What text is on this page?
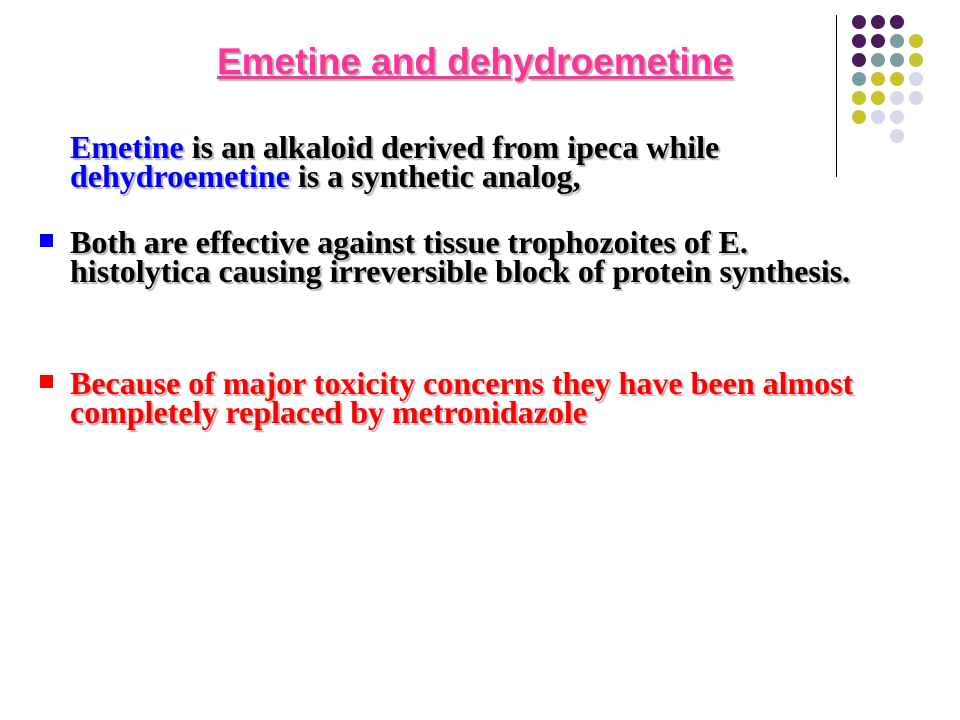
Emetine and dehydroemetine
Emetine is an alkaloid derived from ipeca while dehydroemetine is a synthetic analog,
Both are effective against tissue trophozoites of E. histolytica causing irreversible block of protein synthesis.
Because of major toxicity concerns they have been almost completely replaced by metronidazole
